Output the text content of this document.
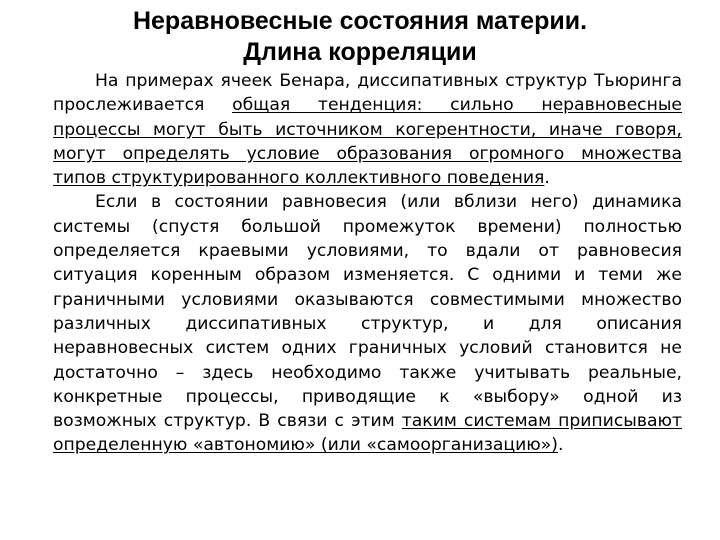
Неравновесные состояния материи.
Длина корреляции

На примерах ячеек Бенара, диссипативных структур Тьюринга прослеживается общая тенденция: сильно неравновесные процессы могут быть источником когерентности, иначе говоря, могут определять условие образования огромного множества типов структурированного коллективного поведения.

Если в состоянии равновесия (или вблизи него) динамика системы (спустя большой промежуток времени) полностью определяется краевыми условиями, то вдали от равновесия ситуация коренным образом изменяется. С одними и теми же граничными условиями оказываются совместимыми множество различных диссипативных структур, и для описания неравновесных систем одних граничных условий становится не достаточно – здесь необходимо также учитывать реальные, конкретные процессы, приводящие к «выбору» одной из возможных структур. В связи с этим таким системам приписывают определенную «автономию» (или «самоорганизацию»).
